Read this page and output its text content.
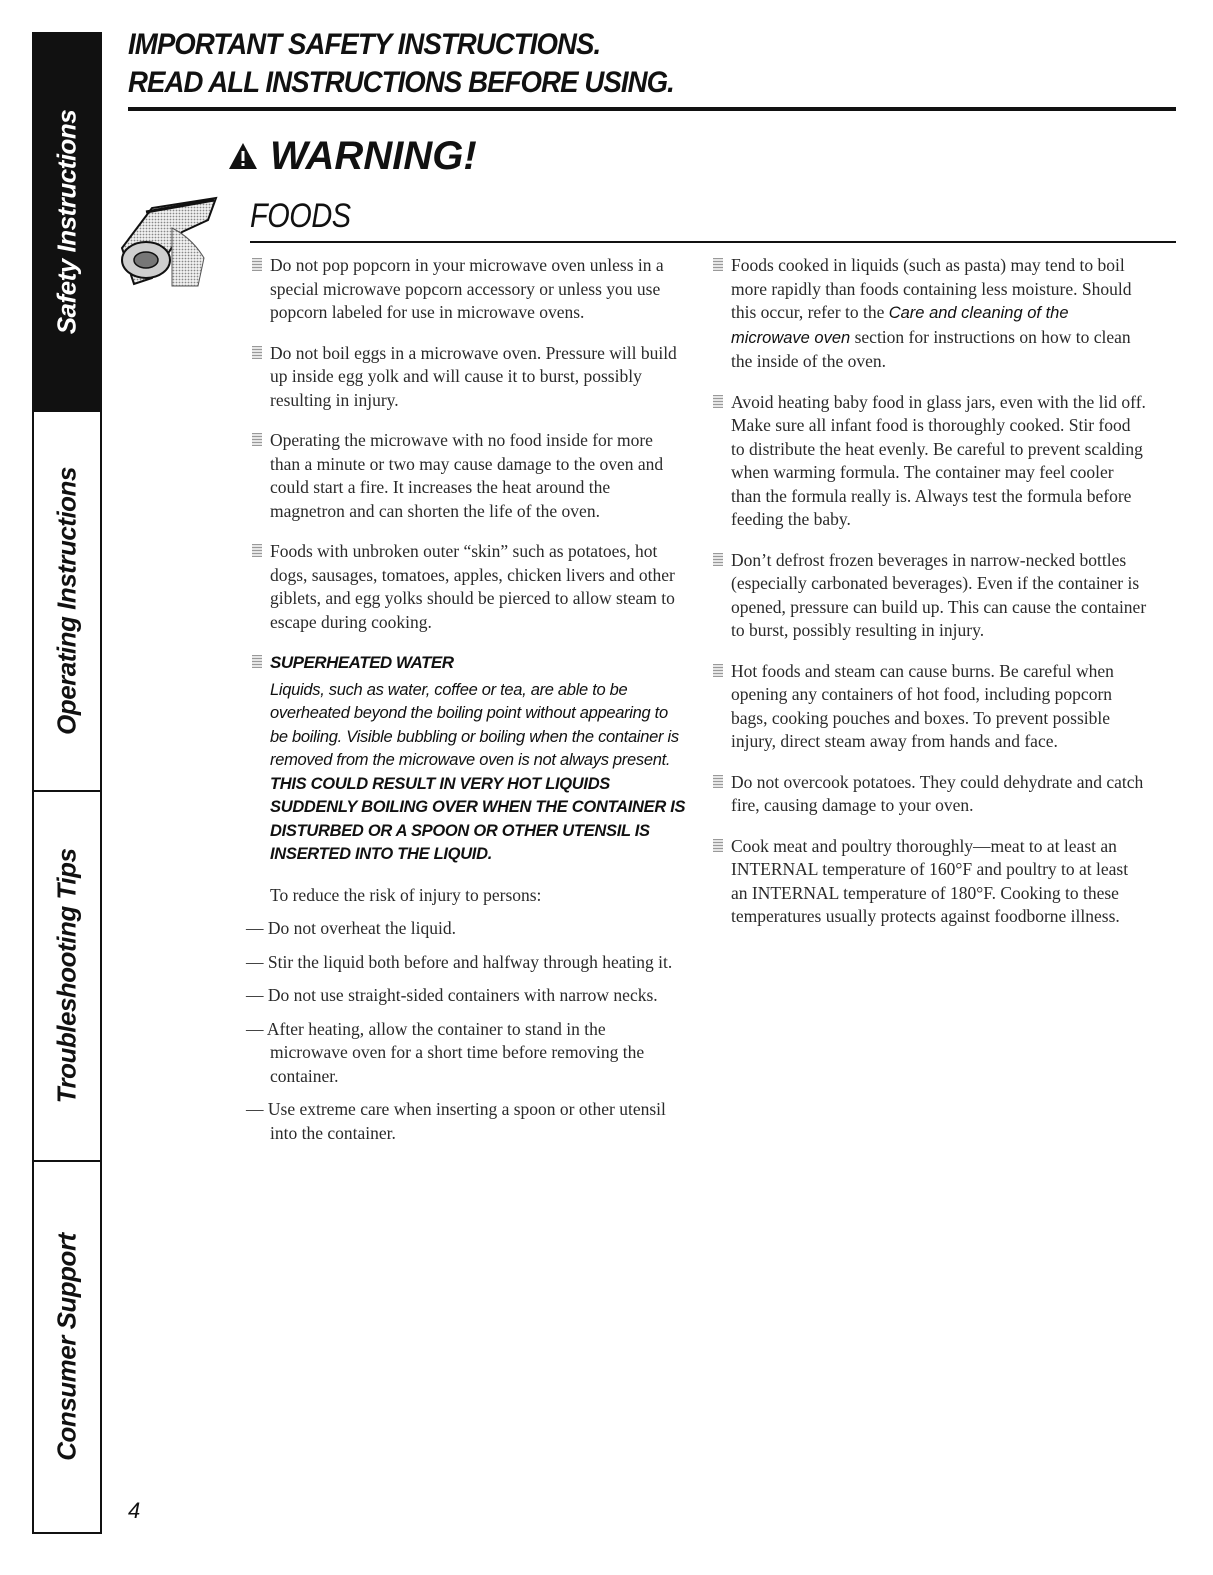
Safety Instructions
Operating Instructions
Troubleshooting Tips
Consumer Support
IMPORTANT SAFETY INSTRUCTIONS.
READ ALL INSTRUCTIONS BEFORE USING.
WARNING!
FOODS

Do not pop popcorn in your microwave oven unless in a special microwave popcorn accessory or unless you use popcorn labeled for use in microwave ovens.

Do not boil eggs in a microwave oven. Pressure will build up inside egg yolk and will cause it to burst, possibly resulting in injury.

Operating the microwave with no food inside for more than a minute or two may cause damage to the oven and could start a fire. It increases the heat around the magnetron and can shorten the life of the oven.

Foods with unbroken outer “skin” such as potatoes, hot dogs, sausages, tomatoes, apples, chicken livers and other giblets, and egg yolks should be pierced to allow steam to escape during cooking.

SUPERHEATED WATER

Liquids, such as water, coffee or tea, are able to be overheated beyond the boiling point without appearing to be boiling. Visible bubbling or boiling when the container is removed from the microwave oven is not always present. THIS COULD RESULT IN VERY HOT LIQUIDS SUDDENLY BOILING OVER WHEN THE CONTAINER IS DISTURBED OR A SPOON OR OTHER UTENSIL IS INSERTED INTO THE LIQUID.

To reduce the risk of injury to persons:

— Do not overheat the liquid.

— Stir the liquid both before and halfway through heating it.

— Do not use straight-sided containers with narrow necks.

— After heating, allow the container to stand in the microwave oven for a short time before removing the container.

— Use extreme care when inserting a spoon or other utensil into the container.

Foods cooked in liquids (such as pasta) may tend to boil more rapidly than foods containing less moisture. Should this occur, refer to the Care and cleaning of the microwave oven section for instructions on how to clean the inside of the oven.

Avoid heating baby food in glass jars, even with the lid off. Make sure all infant food is thoroughly cooked. Stir food to distribute the heat evenly. Be careful to prevent scalding when warming formula. The container may feel cooler than the formula really is. Always test the formula before feeding the baby.

Don’t defrost frozen beverages in narrow-necked bottles (especially carbonated beverages). Even if the container is opened, pressure can build up. This can cause the container to burst, possibly resulting in injury.

Hot foods and steam can cause burns. Be careful when opening any containers of hot food, including popcorn bags, cooking pouches and boxes. To prevent possible injury, direct steam away from hands and face.

Do not overcook potatoes. They could dehydrate and catch fire, causing damage to your oven.

Cook meat and poultry thoroughly—meat to at least an INTERNAL temperature of 160°F and poultry to at least an INTERNAL temperature of 180°F. Cooking to these temperatures usually protects against foodborne illness.

4
